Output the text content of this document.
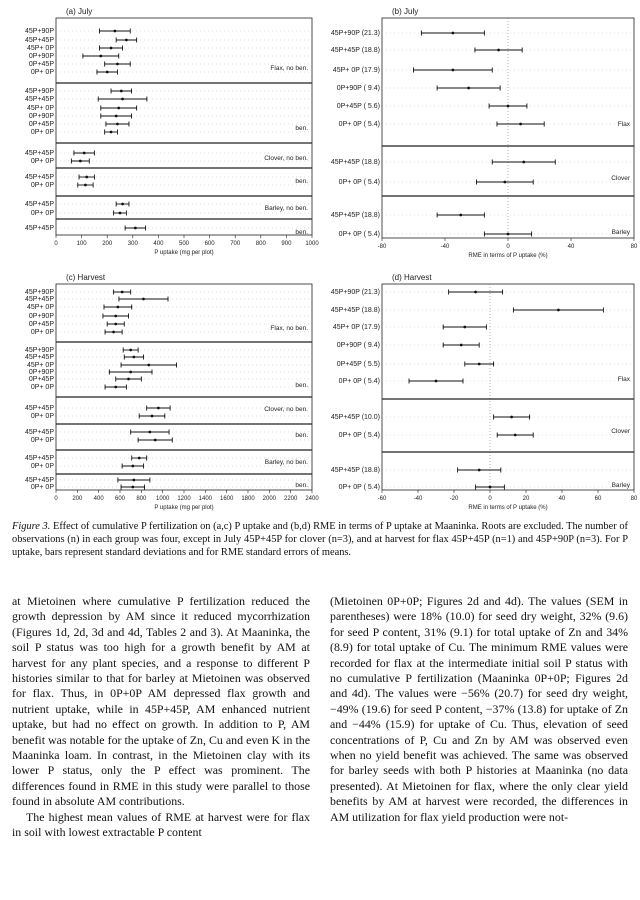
(a) July
0	100	200	300	400	500	600	700	800	900 1000
P uptake (mg per plot)
Flax, no ben.
ben.
Clover, no ben.
ben.
Barley, no ben.
ben.
45P+90P
45P+45P
45P+ 0P
0P+90P
0P+45P
0P+ 0P
45P+90P
45P+45P
45P+ 0P
0P+90P
0P+45P
0P+ 0P
45P+45P
0P+ 0P
45P+45P
0P+ 0P
45P+45P
0P+ 0P
45P+45P
(b) July
-80	-40	0	40	80
RME in terms of P uptake (%)
Flax
Clover
Barley
45P+90P (21.3)
45P+45P (18.8)
45P+ 0P (17.9)
0P+90P ( 9.4)
0P+45P ( 5.6)
0P+ 0P ( 5.4)
45P+45P (18.8)
0P+ 0P ( 5.4)
45P+45P (18.8)
0P+ 0P ( 5.4)
(c) Harvest
0 200 400 600 800 1000 1200 1400 1600 1800 2000 2200 2400
P uptake (mg per plot)
Flax, no ben.
ben.
Clover, no ben.
ben.
Barley, no ben.
ben.
45P+90P
45P+45P
45P+ 0P
0P+90P
0P+45P
0P+ 0P
45P+90P
45P+45P
45P+ 0P
0P+90P
0P+45P
0P+ 0P
45P+45P
0P+ 0P
45P+45P
0P+ 0P
45P+45P
0P+ 0P
45P+45P
0P+ 0P
(d) Harvest
-60	-40	-20	0	20	40	60	80
RME in terms of P uptake (%)
Flax
Clover
Barley
45P+90P (21.3)
45P+45P (18.8)
45P+ 0P (17.9)
0P+90P ( 9.4)
0P+45P ( 5.5)
0P+ 0P ( 5.4)
45P+45P (10.0)
0P+ 0P ( 5.4)
45P+45P (18.8)
0P+ 0P ( 5.4)
Figure 3. Effect of cumulative P fertilization on (a,c) P uptake and (b,d) RME in terms of P uptake at Maaninka. Roots are excluded. The number of observations (n) in each group was four, except in July 45P+45P for clover (n=3), and at harvest for flax 45P+45P (n=1) and 45P+90P (n=3). For P uptake, bars represent standard deviations and for RME standard errors of means.

at Mietoinen where cumulative P fertilization reduced the growth depression by AM since it reduced mycorrhization (Figures 1d, 2d, 3d and 4d, Tables 2 and 3). At Maaninka, the soil P status was too high for a growth benefit by AM at harvest for any plant species, and a response to different P histories similar to that for barley at Mietoinen was observed for flax. Thus, in 0P+0P AM depressed flax growth and nutrient uptake, while in 45P+45P, AM enhanced nutrient uptake, but had no effect on growth. In addition to P, AM benefit was notable for the uptake of Zn, Cu and even K in the Maaninka loam. In contrast, in the Mietoinen clay with its lower P status, only the P effect was prominent. The differences found in RME in this study were parallel to those found in absolute AM contributions.

The highest mean values of RME at harvest were for flax in soil with lowest extractable P content

(Mietoinen 0P+0P; Figures 2d and 4d). The values (SEM in parentheses) were 18% (10.0) for seed dry weight, 32% (9.6) for seed P content, 31% (9.1) for total uptake of Zn and 34% (8.9) for total uptake of Cu. The minimum RME values were recorded for flax at the intermediate initial soil P status with no cumulative P fertilization (Maaninka 0P+0P; Figures 2d and 4d). The values were −56% (20.7) for seed dry weight, −49% (19.6) for seed P content, −37% (13.8) for uptake of Zn and −44% (15.9) for uptake of Cu. Thus, elevation of seed concentrations of P, Cu and Zn by AM was observed even when no yield benefit was achieved. The same was observed for barley seeds with both P histories at Maaninka (no data presented). At Mietoinen for flax, where the only clear yield benefits by AM at harvest were recorded, the differences in AM utilization for flax yield production were not-
